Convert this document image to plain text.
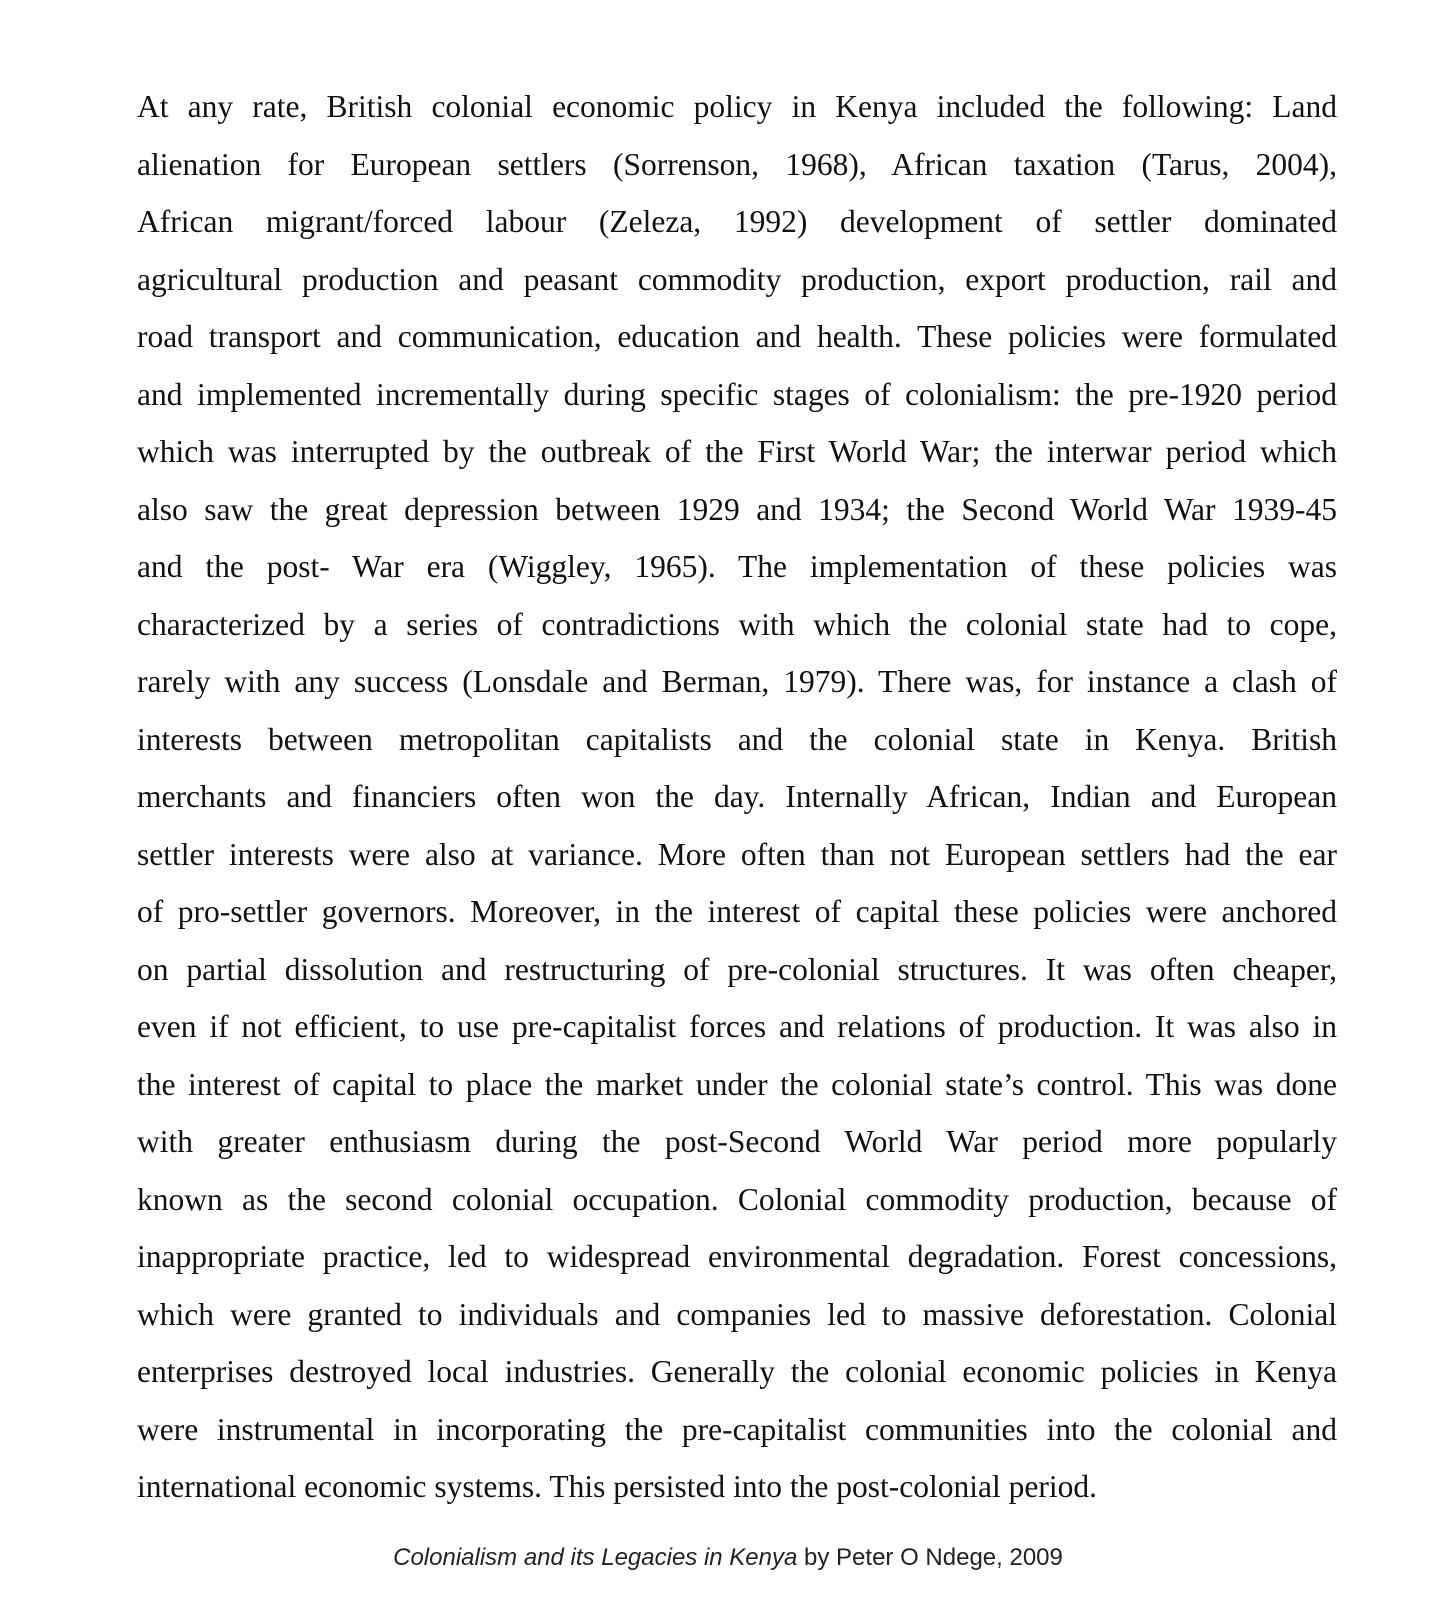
At any rate, British colonial economic policy in Kenya included the following: Land
alienation for European settlers (Sorrenson, 1968), African taxation (Tarus, 2004),
African migrant/forced labour (Zeleza, 1992) development of settler dominated
agricultural production and peasant commodity production, export production, rail and
road transport and communication, education and health. These policies were formulated
and implemented incrementally during specific stages of colonialism: the pre-1920 period
which was interrupted by the outbreak of the First World War; the interwar period which
also saw the great depression between 1929 and 1934; the Second World War 1939-45
and the post- War era (Wiggley, 1965). The implementation of these policies was
characterized by a series of contradictions with which the colonial state had to cope,
rarely with any success (Lonsdale and Berman, 1979). There was, for instance a clash of
interests between metropolitan capitalists and the colonial state in Kenya. British
merchants and financiers often won the day. Internally African, Indian and European
settler interests were also at variance. More often than not European settlers had the ear
of pro-settler governors. Moreover, in the interest of capital these policies were anchored
on partial dissolution and restructuring of pre-colonial structures. It was often cheaper,
even if not efficient, to use pre-capitalist forces and relations of production. It was also in
the interest of capital to place the market under the colonial state’s control. This was done
with greater enthusiasm during the post-Second World War period more popularly
known as the second colonial occupation. Colonial commodity production, because of
inappropriate practice, led to widespread environmental degradation. Forest concessions,
which were granted to individuals and companies led to massive deforestation. Colonial
enterprises destroyed local industries. Generally the colonial economic policies in Kenya
were instrumental in incorporating the pre-capitalist communities into the colonial and
international economic systems. This persisted into the post-colonial period.
Colonialism and its Legacies in Kenya by Peter O Ndege, 2009
